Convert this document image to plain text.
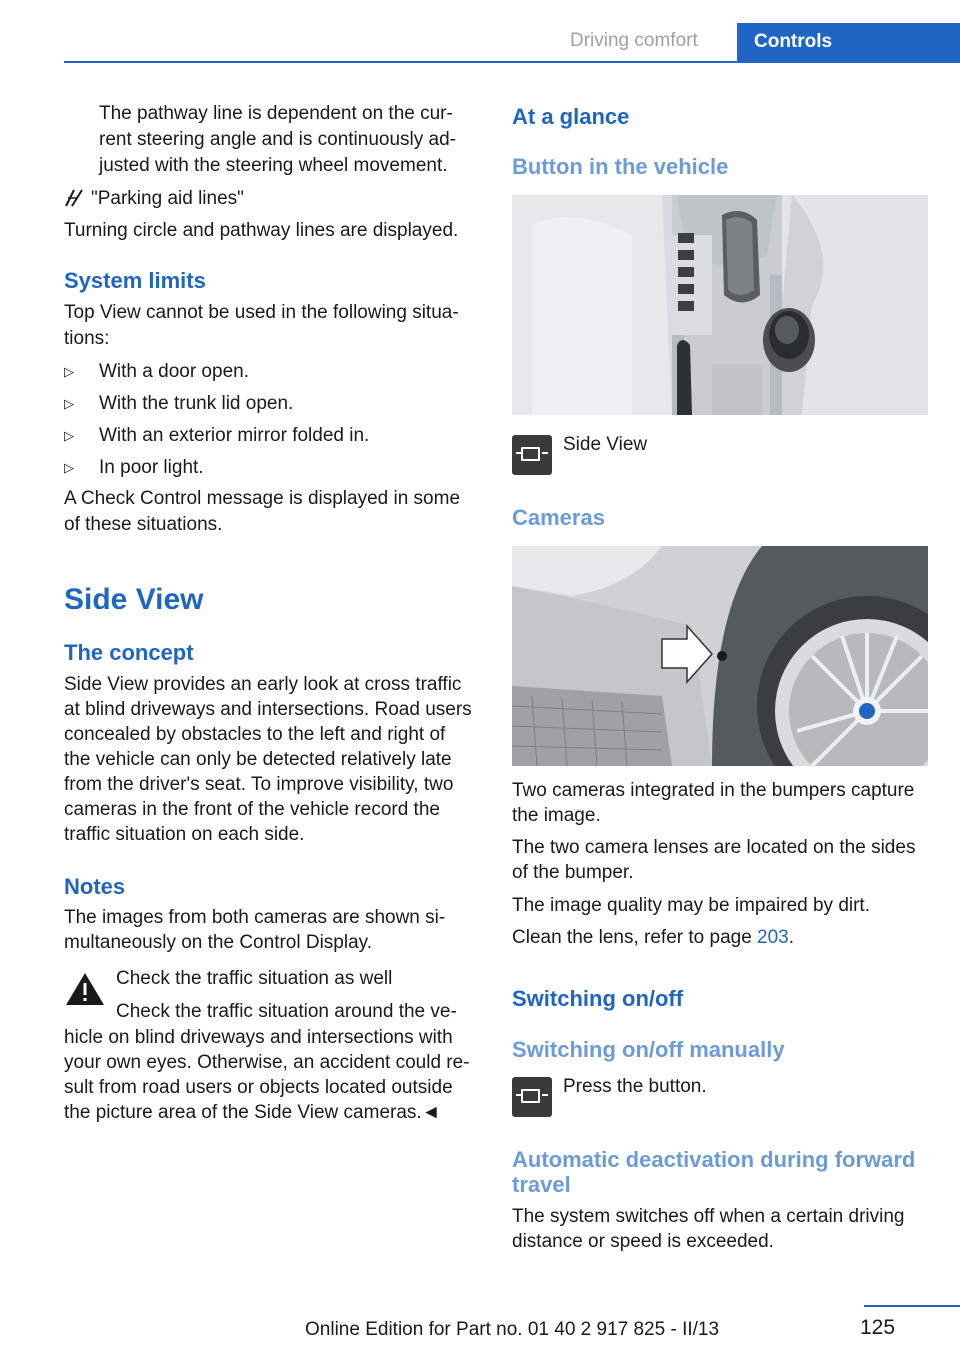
Driving comfort	Controls
The pathway line is dependent on the cur-
rent steering angle and is continuously ad-
justed with the steering wheel movement.
"Parking aid lines"
Turning circle and pathway lines are displayed.
System limits
Top View cannot be used in the following situa-
tions:
▷ With a door open.
▷ With the trunk lid open.
▷ With an exterior mirror folded in.
▷ In poor light.
A Check Control message is displayed in some
of these situations.
Side View
The concept
Side View provides an early look at cross traffic
at blind driveways and intersections. Road users
concealed by obstacles to the left and right of
the vehicle can only be detected relatively late
from the driver's seat. To improve visibility, two
cameras in the front of the vehicle record the
traffic situation on each side.
Notes
The images from both cameras are shown si-
multaneously on the Control Display.
Check the traffic situation as well
Check the traffic situation around the ve-
hicle on blind driveways and intersections with
your own eyes. Otherwise, an accident could re-
sult from road users or objects located outside
the picture area of the Side View cameras.◄
At a glance
Button in the vehicle
Side View
Cameras
Two cameras integrated in the bumpers capture
the image.
The two camera lenses are located on the sides
of the bumper.
The image quality may be impaired by dirt.
Clean the lens, refer to page 203.
Switching on/off
Switching on/off manually
Press the button.
Automatic deactivation during forward
travel
The system switches off when a certain driving
distance or speed is exceeded.
125
Online Edition for Part no. 01 40 2 917 825 - II/13
